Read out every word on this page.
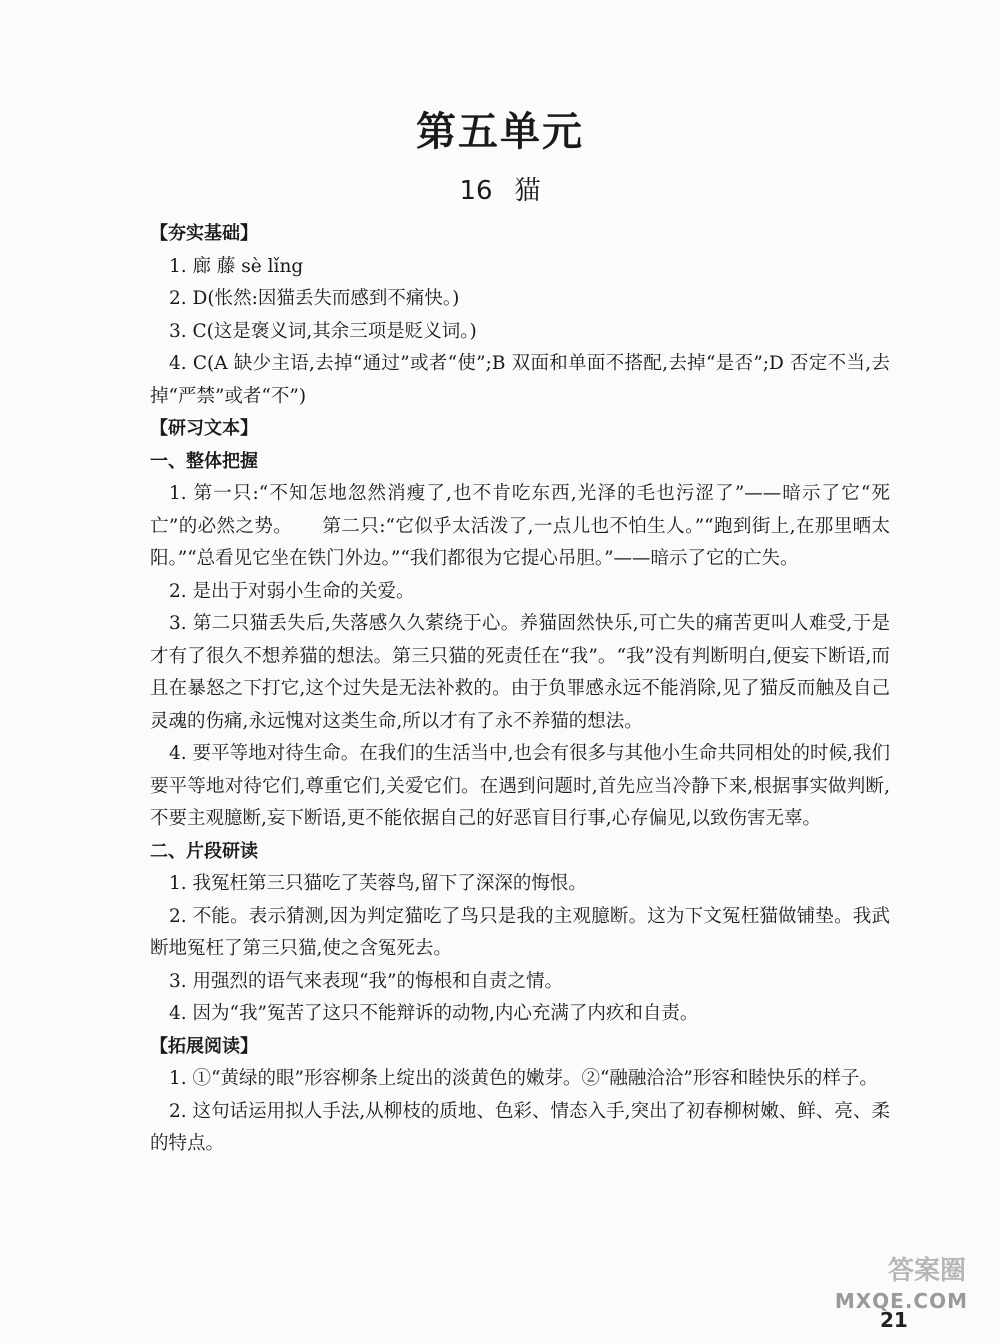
第五单元
16 猫

【夯实基础】

1. 廊 藤 sè lǐng

2. D(怅然:因猫丢失而感到不痛快。)

3. C(这是褒义词,其余三项是贬义词。)

4. C(A 缺少主语,去掉“通过”或者“使”;B 双面和单面不搭配,去掉“是否”;D 否定不当,去掉“严禁”或者“不”)

【研习文本】

一、整体把握

1. 第一只:“不知怎地忽然消瘦了,也不肯吃东西,光泽的毛也污涩了”——暗示了它“死亡”的必然之势。 第二只:“它似乎太活泼了,一点儿也不怕生人。”“跑到街上,在那里晒太阳。”“总看见它坐在铁门外边。”“我们都很为它提心吊胆。”——暗示了它的亡失。

2. 是出于对弱小生命的关爱。

3. 第二只猫丢失后,失落感久久萦绕于心。养猫固然快乐,可亡失的痛苦更叫人难受,于是才有了很久不想养猫的想法。第三只猫的死责任在“我”。“我”没有判断明白,便妄下断语,而且在暴怒之下打它,这个过失是无法补救的。由于负罪感永远不能消除,见了猫反而触及自己灵魂的伤痛,永远愧对这类生命,所以才有了永不养猫的想法。

4. 要平等地对待生命。在我们的生活当中,也会有很多与其他小生命共同相处的时候,我们要平等地对待它们,尊重它们,关爱它们。在遇到问题时,首先应当冷静下来,根据事实做判断,不要主观臆断,妄下断语,更不能依据自己的好恶盲目行事,心存偏见,以致伤害无辜。

二、片段研读

1. 我冤枉第三只猫吃了芙蓉鸟,留下了深深的悔恨。

2. 不能。表示猜测,因为判定猫吃了鸟只是我的主观臆断。这为下文冤枉猫做铺垫。我武断地冤枉了第三只猫,使之含冤死去。

3. 用强烈的语气来表现“我”的悔根和自责之情。

4. 因为“我”冤苦了这只不能辩诉的动物,内心充满了内疚和自责。

【拓展阅读】

1. ①“黄绿的眼”形容柳条上绽出的淡黄色的嫩芽。②“融融洽洽”形容和睦快乐的样子。

2. 这句话运用拟人手法,从柳枝的质地、色彩、情态入手,突出了初春柳树嫩、鲜、亮、柔的特点。

21
答案圈
MXQE.COM
